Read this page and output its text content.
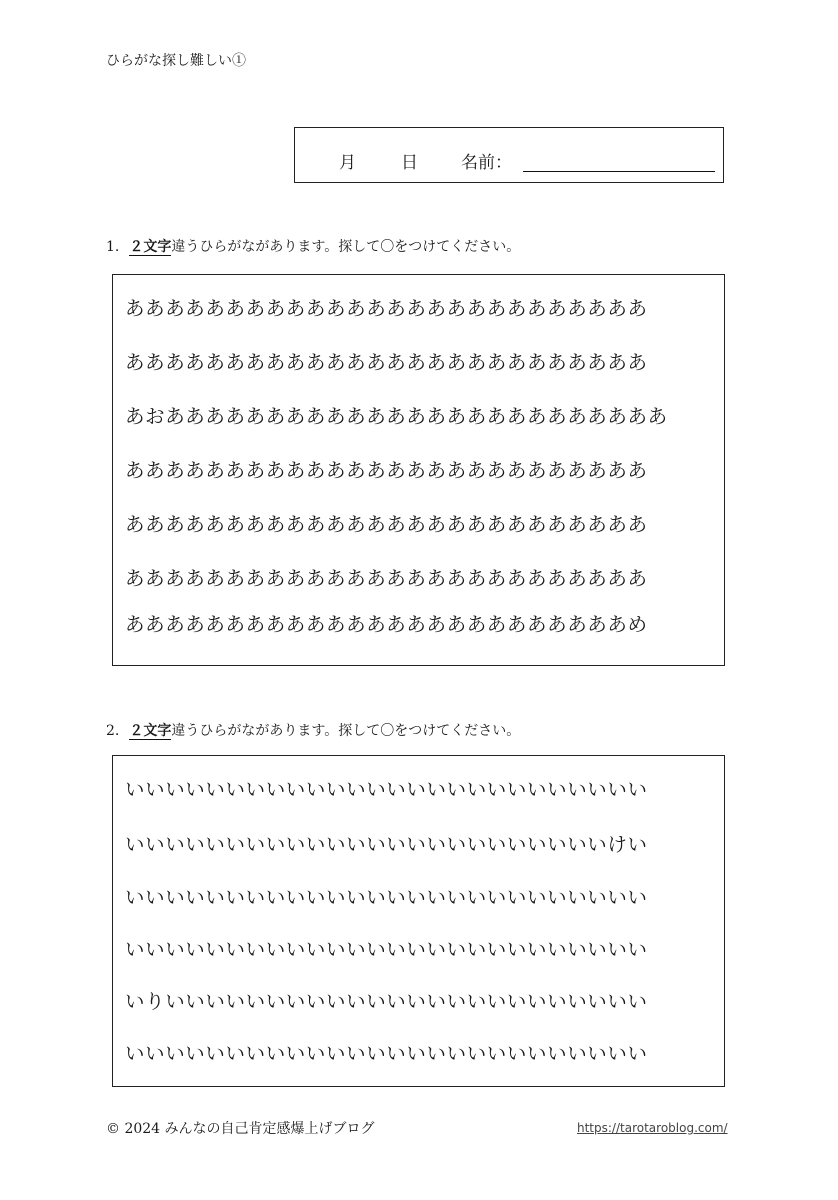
ひらがな探し難しい①
月	日	名前：
1. ２文字違うひらがながあります。探して〇をつけてください。
ああああああああああああああああああああああああああ
ああああああああああああああああああああああああああ
あおあああああああああああああああああああああああああ
ああああああああああああああああああああああああああ
ああああああああああああああああああああああああああ
ああああああああああああああああああああああああああ
あああああああああああああああああああああああああめ
2. ２文字違うひらがながあります。探して〇をつけてください。
いいいいいいいいいいいいいいいいいいいいいいいいいい
いいいいいいいいいいいいいいいいいいいいいいいいけい
いいいいいいいいいいいいいいいいいいいいいいいいいい
いいいいいいいいいいいいいいいいいいいいいいいいいい
いりいいいいいいいいいいいいいいいいいいいいいいいい
いいいいいいいいいいいいいいいいいいいいいいいいいい
© 2024 みんなの自己肯定感爆上げブログ	https://tarotaroblog.com/
